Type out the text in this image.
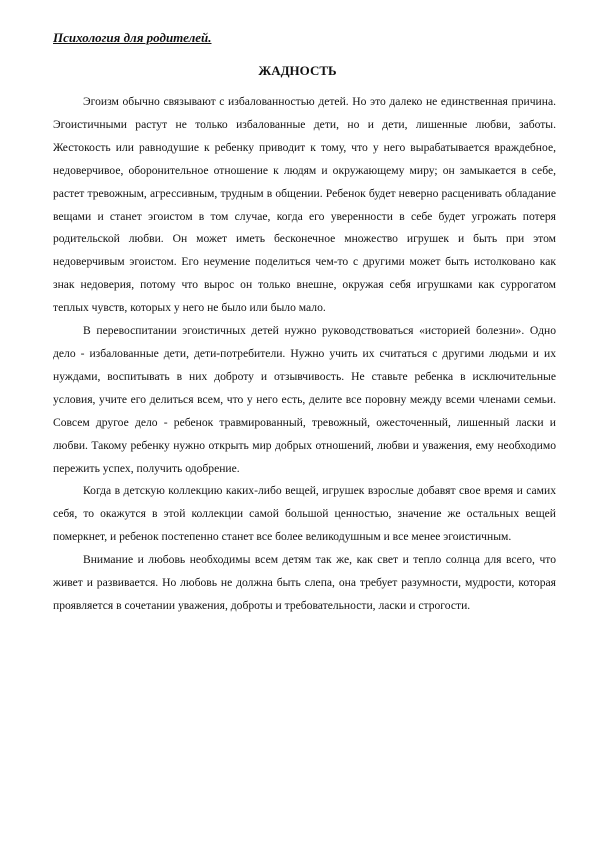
Психология для родителей.
ЖАДНОСТЬ

Эгоизм обычно связывают с избалованностью детей. Но это далеко не единственная причина. Эгоистичными растут не только избалованные дети, но и дети, лишенные любви, заботы. Жестокость или равнодушие к ребенку приводит к тому, что у него вырабатывается враждебное, недоверчивое, оборонительное отношение к людям и окружающему миру; он замыкается в себе, растет тревожным, агрессивным, трудным в общении. Ребенок будет неверно расценивать обладание вещами и станет эгоистом в том случае, когда его уверенности в себе будет угрожать потеря родительской любви. Он может иметь бесконечное множество игрушек и быть при этом недоверчивым эгоистом. Его неумение поделиться чем-то с другими может быть истолковано как знак недоверия, потому что вырос он только внешне, окружая себя игрушками как суррогатом теплых чувств, которых у него не было или было мало.

В перевоспитании эгоистичных детей нужно руководствоваться «историей болезни». Одно дело - избалованные дети, дети-потребители. Нужно учить их считаться с другими людьми и их нуждами, воспитывать в них доброту и отзывчивость. Не ставьте ребенка в исключительные условия, учите его делиться всем, что у него есть, делите все поровну между всеми членами семьи. Совсем другое дело - ребенок травмированный, тревожный, ожесточенный, лишенный ласки и любви. Такому ребенку нужно открыть мир добрых отношений, любви и уважения, ему необходимо пережить успех, получить одобрение.

Когда в детскую коллекцию каких-либо вещей, игрушек взрослые добавят свое время и самих себя, то окажутся в этой коллекции самой большой ценностью, значение же остальных вещей померкнет, и ребенок постепенно станет все более великодушным и все менее эгоистичным.

Внимание и любовь необходимы всем детям так же, как свет и тепло солнца для всего, что живет и развивается. Но любовь не должна быть слепа, она требует разумности, мудрости, которая проявляется в сочетании уважения, доброты и требовательности, ласки и строгости.
